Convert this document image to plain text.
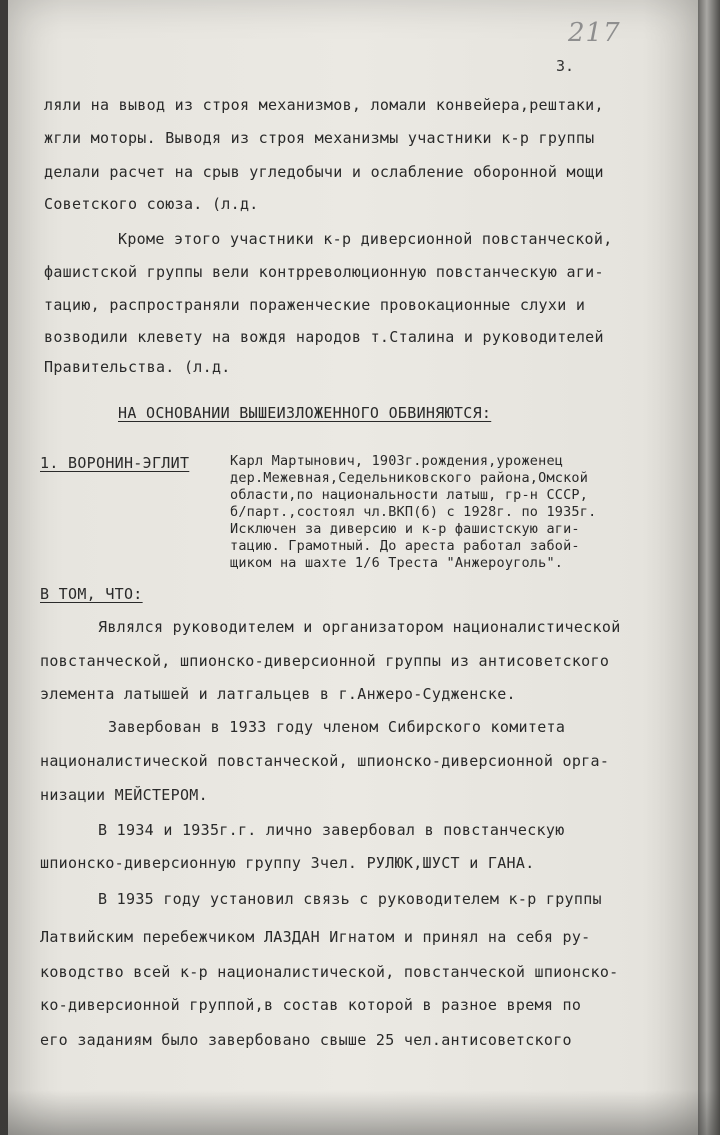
217
3.
ляли на вывод из строя механизмов, ломали конвейера,рештаки,
жгли моторы. Выводя из строя механизмы участники к-р группы
делали расчет на срыв угледобычи и ослабление оборонной мощи
Советского союза. (л.д.
Кроме этого участники к-р диверсионной повстанческой,
фашистской группы вели контрреволюционную повстанческую аги-
тацию, распространяли пораженческие провокационные слухи и
возводили клевету на вождя народов т.Сталина и руководителей
Правительства. (л.д.
НА ОСНОВАНИИ ВЫШЕИЗЛОЖЕННОГО ОБВИНЯЮТСЯ:
1. ВОРОНИН-ЭГЛИТ	Карл Мартынович, 1903г.рождения,уроженец
дер.Межевная,Седельниковского района,Омской
области,по национальности латыш, гр-н СССР,
б/парт.,состоял чл.ВКП(б) с 1928г. по 1935г.
Исключен за диверсию и к-р фашистскую аги-
тацию. Грамотный. До ареста работал забой-
щиком на шахте 1/6 Треста "Анжероуголь".
В ТОМ, ЧТО:
Являлся руководителем и организатором националистической
повстанческой, шпионско-диверсионной группы из антисоветского
элемента латышей и латгальцев в г.Анжеро-Судженске.
Завербован в 1933 году членом Сибирского комитета
националистической повстанческой, шпионско-диверсионной орга-
низации МЕЙСТЕРОМ.
В 1934 и 1935г.г. лично завербовал в повстанческую
шпионско-диверсионную группу 3чел. РУЛЮК,ШУСТ и ГАНА.
В 1935 году установил связь с руководителем к-р группы
Латвийским перебежчиком ЛАЗДАН Игнатом и принял на себя ру-
ководство всей к-р националистической, повстанческой шпионско-
ко-диверсионной группой,в состав которой в разное время по
его заданиям было завербовано свыше 25 чел.антисоветского
